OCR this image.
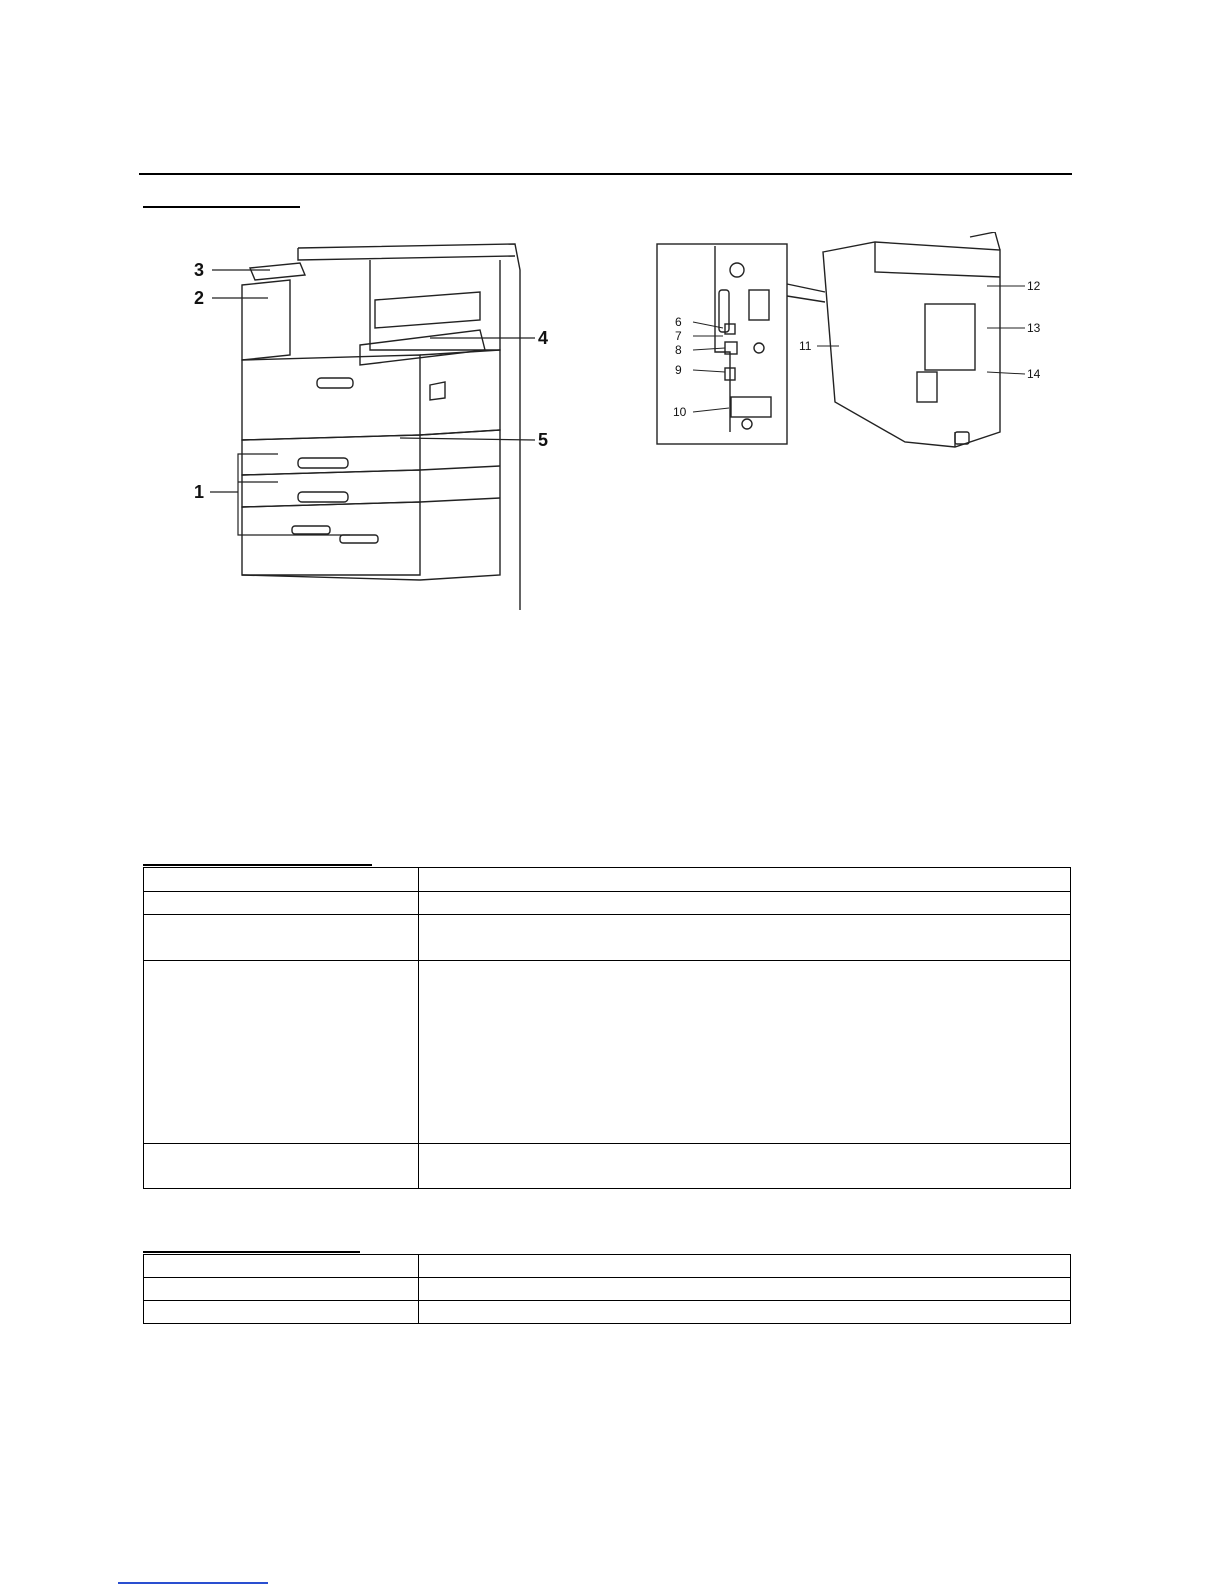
3
2
4
5
1
6
7
8
9
10
11
12
13
14
